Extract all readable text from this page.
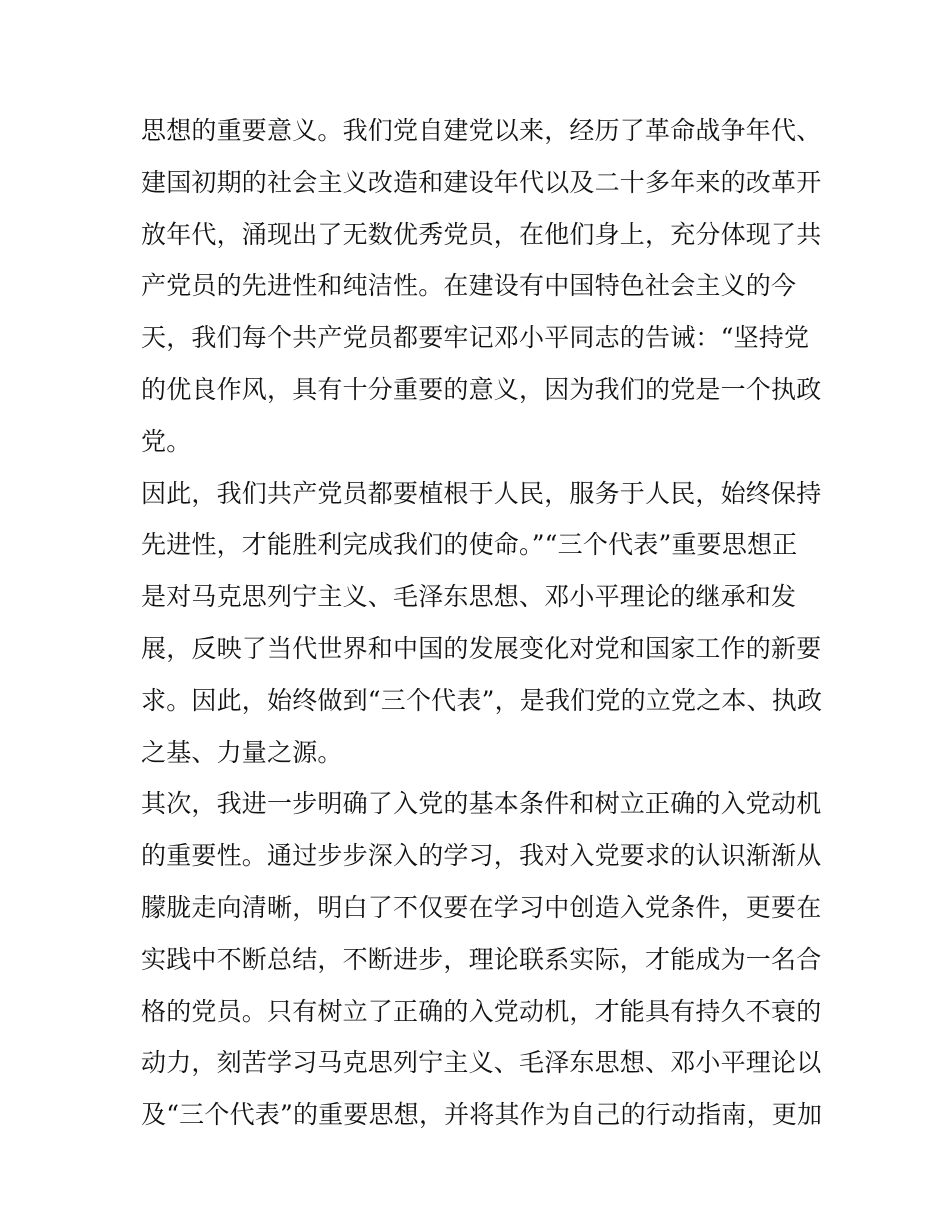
思想的重要意义。我们党自建党以来，经历了革命战争年代、
建国初期的社会主义改造和建设年代以及二十多年来的改革开
放年代，涌现出了无数优秀党员，在他们身上，充分体现了共
产党员的先进性和纯洁性。在建设有中国特色社会主义的今
天，我们每个共产党员都要牢记邓小平同志的告诫：“坚持党
的优良作风，具有十分重要的意义，因为我们的党是一个执政
党。
因此，我们共产党员都要植根于人民，服务于人民，始终保持
先进性，才能胜利完成我们的使命。”“三个代表”重要思想正
是对马克思列宁主义、毛泽东思想、邓小平理论的继承和发
展，反映了当代世界和中国的发展变化对党和国家工作的新要
求。因此，始终做到“三个代表”，是我们党的立党之本、执政
之基、力量之源。
其次，我进一步明确了入党的基本条件和树立正确的入党动机
的重要性。通过步步深入的学习，我对入党要求的认识渐渐从
朦胧走向清晰，明白了不仅要在学习中创造入党条件，更要在
实践中不断总结，不断进步，理论联系实际，才能成为一名合
格的党员。只有树立了正确的入党动机，才能具有持久不衰的
动力，刻苦学习马克思列宁主义、毛泽东思想、邓小平理论以
及“三个代表”的重要思想，并将其作为自己的行动指南，更加
